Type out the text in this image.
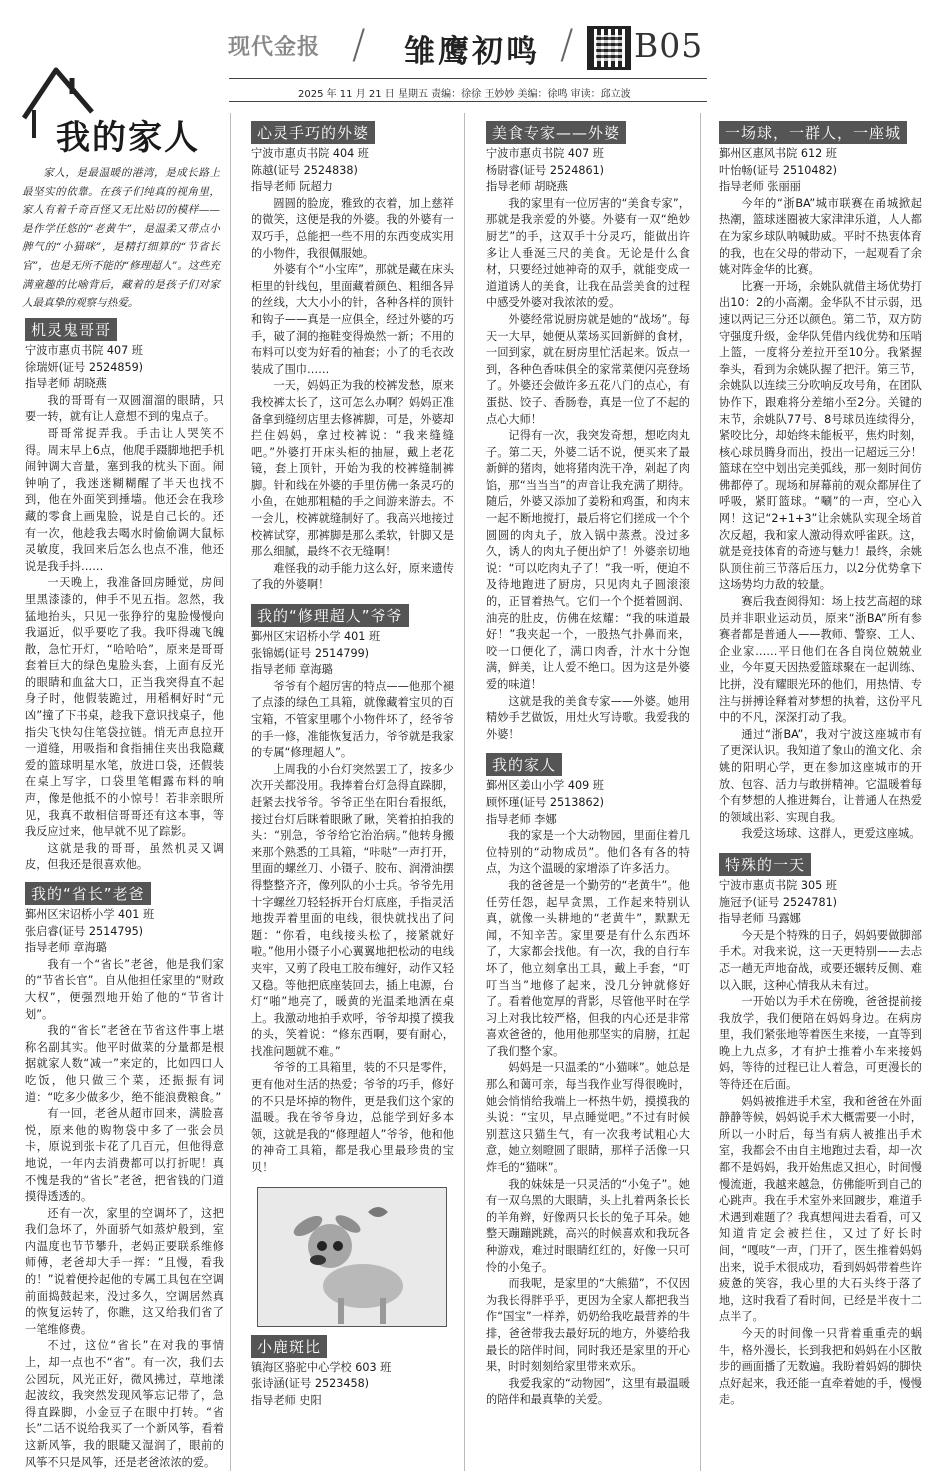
现代金报 / 雏鹰初鸣 / B05
2025 年 11 月 21 日 星期五 责编：徐徐 王妙妙 美编：徐鸣 审读：邱立波
我的家人
家人，是最温暖的港湾，是成长路上最坚实的依靠。在孩子们纯真的视角里，家人有着千奇百怪又无比贴切的模样——是作学任悠的“老黄牛”，是温柔又带点小脾气的“小猫咪”，是精打细算的“节省长官”，也是无所不能的“修理超人”。这些充满童趣的比喻背后，藏着的是孩子们对家人最真挚的观察与热爱。
机灵鬼哥哥

宁波市惠贞书院 407 班

徐瑞妍(证号 2524859)

指导老师 胡晓燕

我的哥哥有一双圆溜溜的眼睛，只要一转，就有让人意想不到的鬼点子。

哥哥常捉弄我。手击让人哭笑不得。周末早上6点，他爬手蹑脚地把手机闹钟调大音量，塞到我的枕头下面。闹钟响了，我迷迷糊糊醒了半天也找不到，他在外面笑到捶墙。他还会在我珍藏的零食上画鬼脸，说是自己长的。还有一次，他趁我去喝水时偷偷调大鼠标灵敏度，我回来后怎么也点不准，他还说是我手抖……

一天晚上，我准备回房睡觉，房间里黑漆漆的，伸手不见五指。忽然，我猛地抬头，只见一张狰狞的鬼脸慢慢向我逼近，似乎要吃了我。我吓得魂飞魄散，急忙开灯，“哈哈哈”，原来是哥哥套着巨大的绿色鬼脸头套，上面有反光的眼睛和血盆大口，正当我突得直不起身子时，他假装跪过，用稻桐好时“元凶”撞了下书桌，趁我下意识找桌子，他指尖飞快勾住笔袋拉链。悄无声息拉开一道缝，用吸指和食指捕住夹出我隐藏爱的篮球明星水笔，放进口袋，还假装在桌上写字，口袋里笔帽露布料的响声，像是他抵不的小惊号！若非亲眼所见，我真不敢相信哥哥还有这本事，等我反应过来，他早就不见了踪影。

这就是我的哥哥，虽然机灵又调皮，但我还是很喜欢他。

我的“省长”老爸

鄞州区宋诏桥小学 401 班

张启睿(证号 2514795)

指导老师 章海璐

我有一个“省长”老爸，他是我们家的“节省长官”。自从他担任家里的“财政大权”，便强烈地开始了他的“节省计划”。

我的“省长”老爸在节省这件事上堪称名副其实。他平时做菜的分量都是根据就家人数“减一”来定的，比如四口人吃饭，他只做三个菜，还振振有词道：“吃多少做多少，绝不能浪费粮食。”

有一回，老爸从超市回来，满脸喜悦，原来他的购物袋中多了一张会员卡，原说到张卡花了几百元，但他得意地说，一年内去消费都可以打折呢！真不愧是我的“省长”老爸，把省钱的门道摸得透透的。

还有一次，家里的空调坏了，这把我们急坏了，外面骄气如蒸炉般到，室内温度也节节攀升，老妈正要联系维修师傅，老爸却大手一挥：“且慢，看我的！”说着便拎起他的专属工具包在空调前面捣鼓起来，没过多久，空调居然真的恢复运转了，你瞧，这又给我们省了一笔维修费。

不过，这位“省长”在对我的事情上，却一点也不“省”。有一次，我们去公园玩，风光正好，微风拂过，草地漾起波纹，我突然发现风筝忘记带了，急得直跺脚，小金豆子在眼中打转。“省长”二话不说给我买了一个新风筝，看着这新风筝，我的眼睫又湿润了，眼前的风筝不只是风筝，还是老爸浓浓的爱。

心灵手巧的外婆

宁波市惠贞书院 404 班

陈越(证号 2524838)

指导老师 阮超力

圆圆的脸庞，雅致的衣着，加上慈祥的微笑，这便是我的外婆。我的外婆有一双巧手，总能把一些不用的东西变成实用的小物件，我很佩服她。

外婆有个“小宝库”，那就是藏在床头柜里的针线包，里面藏着颜色、粗细各异的丝线，大大小小的针，各种各样的顶针和钩子——真是一应俱全，经过外婆的巧手，破了洞的拖鞋变得焕然一新；不用的布料可以变为好看的袖套；小了的毛衣改装成了围巾……

一天，妈妈正为我的校裤发愁，原来我校裤太长了，这可怎么办啊？妈妈正准备拿到缝纫店里去修裤脚，可是，外婆却拦住妈妈，拿过校裤说：“我来缝缝吧。”外婆打开床头柜的抽屉，戴上老花镜，套上顶针，开始为我的校裤缝制裤脚。针和线在外婆的手里仿佛一条灵巧的小鱼，在她那粗糙的手之间游来游去。不一会儿，校裤就缝制好了。我高兴地接过校裤试穿，那裤脚是那么柔软，针脚又是那么细腻，最终不衣无缝啊！

难怪我的动手能力这么好，原来遗传了我的外婆啊！

我的“修理超人”爷爷

鄞州区宋诏桥小学 401 班

张锦嫣(证号 2514799)

指导老师 章海璐

爷爷有个超厉害的特点——他那个褪了点漆的绿色工具箱，就像藏着宝贝的百宝箱，不管家里哪个小物件坏了，经爷爷的手一修，准能恢复活力，爷爷就是我家的专属“修理超人”。

上周我的小台灯突然罢工了，按多少次开关都没用。我捧着台灯急得直跺脚，赶紧去找爷爷。爷爷正坐在阳台看报纸，接过台灯后眯着眼瞅了瞅，笑着拍拍我的头：“别急，爷爷给它治治病。”他转身搬来那个熟悉的工具箱，“咔哒”一声打开，里面的螺丝刀、小镊子、胶布、润滑油摆得整整齐齐，像列队的小士兵。爷爷先用十字螺丝刀轻轻拆开台灯底座，手指灵活地拨弄着里面的电线，很快就找出了问题：“你看，电线接头松了，接紧就好啦。”他用小镊子小心翼翼地把松动的电线夹牢，又剪了段电工胶布缠好，动作又轻又稳。等他把底座装回去，插上电源，台灯“啪”地亮了，暖黄的光温柔地洒在桌上。我激动地拍手欢呼，爷爷却摸了摸我的头，笑着说：“修东西啊，要有耐心，找准问题就不难。”

爷爷的工具箱里，装的不只是零件，更有他对生活的热爱；爷爷的巧手，修好的不只是坏掉的物件，更是我们这个家的温暖。我在爷爷身边，总能学到好多本领，这就是我的“修理超人”爷爷，他和他的神奇工具箱，都是我心里最珍贵的宝贝！

小鹿斑比

镇海区骆驼中心学校 603 班

张诗涵(证号 2523458)

指导老师 史阳

美食专家——外婆

宁波市惠贞书院 407 班

杨尉睿(证号 2524861)

指导老师 胡晓燕

我的家里有一位厉害的“美食专家”，那就是我亲爱的外婆。外婆有一双“绝妙厨艺”的手，这双手十分灵巧，能做出许多让人垂涎三尺的美食。无论是什么食材，只要经过她神奇的双手，就能变成一道道诱人的美食，让我在品尝美食的过程中感受外婆对我浓浓的爱。

外婆经常说厨房就是她的“战场”。每天一大早，她便从菜场买回新鲜的食材，一回到家，就在厨房里忙活起来。饭点一到，各种色香味俱全的家常菜便闪亮登场了。外婆还会做许多五花八门的点心，有蛋挞、饺子、香肠卷，真是一位了不起的点心大师！

记得有一次，我突发奇想，想吃肉丸子。第二天，外婆二话不说，便买来了最新鲜的猪肉，她将猪肉洗干净，剁起了肉馅，那“当当当”的声音让我充满了期待。随后，外婆又添加了姜粉和鸡蛋，和肉末一起不断地搅打，最后将它们搓成一个个圆圆的肉丸子，放入锅中蒸煮。没过多久，诱人的肉丸子便出炉了！外婆亲切地说：“可以吃肉丸子了！”我一听，便迫不及待地跑进了厨房，只见肉丸子圆滚滚的，正冒着热气。它们一个个挺着圆润、油亮的肚皮，仿佛在炫耀：“我的味道最好！”我夹起一个，一股热气扑鼻而来，咬一口便化了，满口肉香，汁水十分饱满，鲜美，让人爱不绝口。因为这是外婆爱的味道！

这就是我的美食专家——外婆。她用精妙手艺做饭，用灶火写诗歌。我爱我的外婆！

我的家人

鄞州区姜山小学 409 班

顾怀瑾(证号 2513862)

指导老师 李娜

我的家是一个大动物园，里面住着几位特别的“动物成员”。他们各有各的特点，为这个温暖的家增添了许多活力。

我的爸爸是一个勤劳的“老黄牛”。他任劳任怨，起早贪黑，工作起来特别认真，就像一头耕地的“老黄牛”，默默无闻，不知辛苦。家里要是有什么东西坏了，大家都会找他。有一次，我的自行车坏了，他立刻拿出工具，戴上手套，“叮叮当当”地修了起来，没几分钟就修好了。看着他宽厚的背影，尽管他平时在学习上对我比较严格，但我的内心还是非常喜欢爸爸的，他用他那坚实的肩膀，扛起了我们整个家。

妈妈是一只温柔的“小猫咪”。她总是那么和蔼可亲，每当我作业写得很晚时，她会悄悄给我端上一杯热牛奶，摸摸我的头说：“宝贝，早点睡觉吧。”不过有时候别惹这只猫生气，有一次我考试粗心大意，她立刻瞪圆了眼睛，那样子活像一只炸毛的“猫咪”。

我的妹妹是一只灵活的“小兔子”。她有一双乌黑的大眼睛，头上扎着两条长长的羊角辫，好像两只长长的兔子耳朵。她整天蹦蹦跳跳，高兴的时候喜欢和我玩各种游戏，难过时眼睛红红的，好像一只可怜的小兔子。

而我呢，是家里的“大熊猫”，不仅因为我长得胖乎乎，更因为全家人都把我当作“国宝”一样养，奶奶给我吃最营养的牛排，爸爸带我去最好玩的地方，外婆给我最长的陪伴时间，同时我还是家里的开心果，时时刻刻给家里带来欢乐。

我爱我家的“动物园”，这里有最温暖的陪伴和最真挚的关爱。

一场球，一群人，一座城

鄞州区惠风书院 612 班

叶怡畅(证号 2510482)

指导老师 张丽丽

今年的“浙BA”城市联赛在甬城掀起热潮，篮球迷圈被大家津津乐道，人人都在为家乡球队呐喊助威。平时不热衷体育的我，也在父母的带动下，一起观看了余姚对阵金华的比赛。

比赛一开场，余姚队就借主场优势打出10：2的小高潮。金华队不甘示弱，迅速以两记三分还以颜色。第二节，双方防守强度升级，金华队凭借内线优势和压哨上篮，一度将分差拉开至10分。我紧握拳头，看到为余姚队握了把汗。第三节，余姚队以连续三分吹响反攻号角，在团队协作下，跟难将分差缩小至2分。关键的末节，余姚队77号、8号球员连续得分，紧咬比分，却始终未能板平，焦灼时刻，核心球员腾身而出，投出一记超远三分！篮球在空中划出完美弧线，那一刻时间仿佛都停了。现场和屏幕前的观众都屏住了呼吸，紧盯篮球。“唰”的一声，空心入网！这记“2+1+3”让余姚队实现全场首次反超，我和家人激动得欢呼雀跃。这，就是竞技体育的奇迹与魅力！最终，余姚队顶住前三节落后压力，以2分优势拿下这场势均力敌的较量。

赛后我查阅得知：场上技艺高超的球员并非职业运动员，原来“浙BA”所有参赛者都是普通人——教师、警察、工人、企业家……平日他们在各自岗位兢兢业业，今年夏天因热爱篮球聚在一起训练、比拼，没有耀眼光环的他们，用热情、专注与拼搏诠释着对梦想的执着，这份平凡中的不凡，深深打动了我。

通过“浙BA”，我对宁波这座城市有了更深认识。我知道了象山的渔文化、余姚的阳明心学，更在参加这座城市的开放、包容、活力与敢拼精神。它温暖着每个有梦想的人推进舞台，让普通人在热爱的领域出彩、实现自我。

我爱这场球、这群人，更爱这座城。

特殊的一天

宁波市惠贞书院 305 班

施冠予(证号 2524781)

指导老师 马露娜

今天是个特殊的日子，妈妈要做脚部手术。对我来说，这一天更特别——去忐忑一趟无声地奋战，或要还辗转反侧、难以入眠，这种心情我从未有过。

一开始以为手术在傍晚，爸爸提前接我放学，我们便陪在妈妈身边。在病房里，我们紧张地等着医生来接，一直等到晚上九点多，才有护士推着小车来接妈妈，等待的过程已让人着急，可更漫长的等待还在后面。

妈妈被推进手术室，我和爸爸在外面静静等候，妈妈说手术大概需要一小时，所以一小时后，每当有病人被推出手术室，我都会不由自主地跑过去看，却一次都不是妈妈，我开始焦虑又担心，时间慢慢流逝，我越来越急，仿佛能听到自己的心跳声。我在手术室外来回踱步，难道手术遇到难题了？我真想闯进去看看，可又知道肯定会被拦住，又过了好长时间，“嘎吱”一声，门开了，医生推着妈妈出来，说手术很成功，看到妈妈带着些许疲惫的笑容，我心里的大石头终于落了地，这时我看了看时间，已经是半夜十二点半了。

今天的时间像一只背着重重壳的蜗牛，格外漫长，长到我把和妈妈在小区散步的画面播了无数遍。我盼着妈妈的脚快点好起来，我还能一直牵着她的手，慢慢走。
